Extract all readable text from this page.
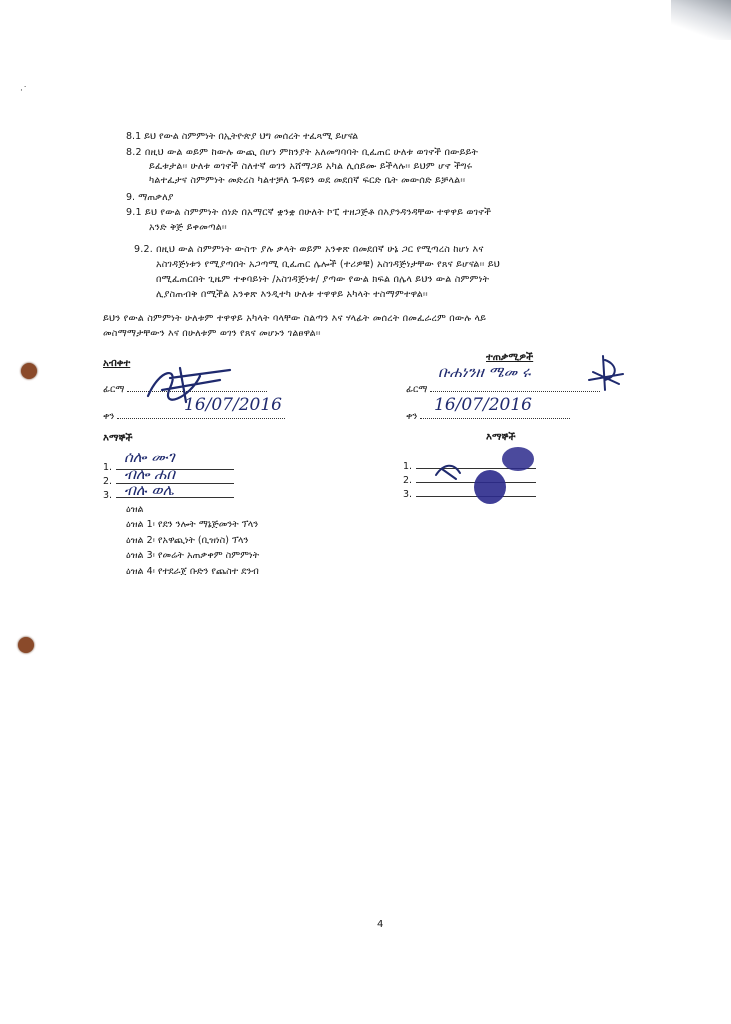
·˙
8.1 ይህ የውል ስምምነት በኢትዮጵያ ህግ መሰረት ተፈጻሚ ይሆናል
8.2 በዚህ ውል ወይም ከውሉ ውጪ በሆነ ምክንያት አለመግባባት ቢፈጠር ሁለቱ ወገኖች በውይይት
ይፈቱታል፡፡ ሁለቱ ወገኖች ስለተኛ ወገን አሸማጋይ አካል ሊሰይሙ ይችላሉ፡፡ ይህም ሆኖ ችግሩ
ካልተፈታና ስምምነት መድረስ ካልተቻለ ጉዳዩን ወደ መደበኛ ፍርድ ቤት መውሰድ ይቻላል፡፡
9. ማጠቃለያ
9.1 ይህ የውል ስምምነት ሰነድ በአማርኛ ቋንቋ በሁለት ኮፒ ተዘጋጅቶ በእያንዳንዳቸው ተዋዋይ ወገኖች
አንድ ቅጅ ይቀመጣል፡፡
9.2. በዚህ ውል ስምምነት ውስጥ ያሉ ቃላት ወይም አንቀጽ በመደበኛ ሁኔ ጋር የሚጣረስ ከሆነ እና
አስገዳጅነቱን የሚያጣበት አጋጣሚ ቢፈጠር ሌሎች (ተሪዎቹ) አስገዳጅነታቸው የጸና ይሆናል፡፡ ይህ
በሚፈጠርበት ጊዜም ተቀባይነት /አስገዳጅነቱ/ ያጣው የውል ክፍል በሌላ ይህን ውል ስምምነት
ሊያስጠብቅ በሚችል አንቀጽ እንዲተካ ሁለቱ ተዋዋይ አካላት ተስማምተዋል፡፡
ይህን የውል ስምምነት ሁለቱም ተዋዋይ አካላት ባላቸው ስልጣን እና ሃላፊት መሰረት በመፈራረም በውሉ ላይ
መስማማታቸውን እና በሁለቱም ወገን የጸና መሆኑን ገልፀዋል፡፡
አብቀተ
ፊርማ
ቀን
16/07/2016
ተጠቃሚዎች
ፊርማ
ቡሐነንዘ ሜመ ሩ
ቀን
16/07/2016
እማኞች
1.
2.
3.
ሰሎ ሙገ
ብሎ ሐበ
ብሉ ወሌ
እማኞች
1.
2.
3.
ዕዝል
ዕዝል 1፡ የደን ንሎት ማኔጅመንት ፕላን
ዕዝል 2፡ የአዋጪነት (ቢዝነስ) ፕላን
ዕዝል 3፡ የመሬት አጠቃቀም ስምምነት
ዕዝል 4፡ የተደራጀ ቡድን የጨስተ ደንብ
4
